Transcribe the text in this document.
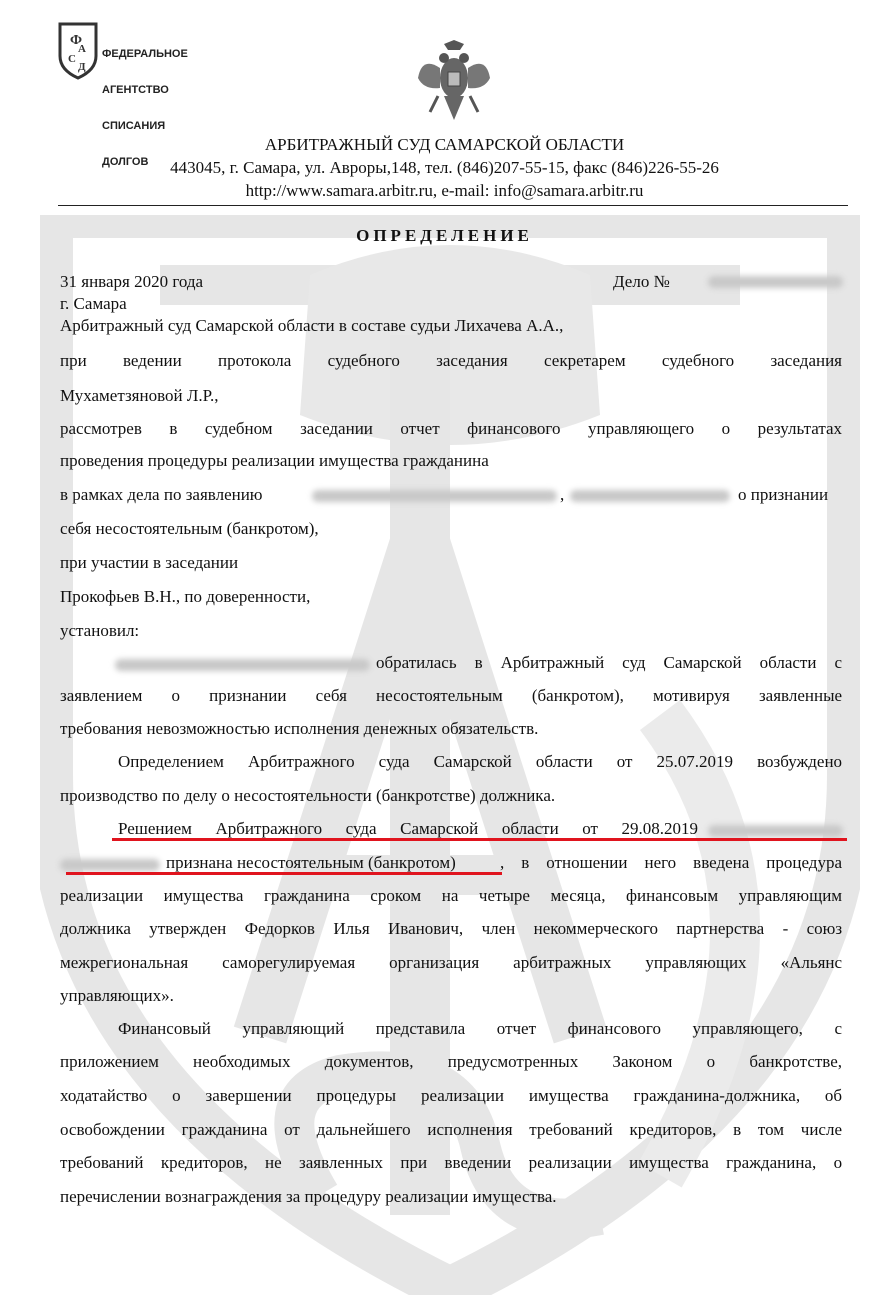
Ф
А
С
Д

ФЕДЕРАЛЬНОЕ

АГЕНТСТВО

СПИСАНИЯ

ДОЛГОВ

АРБИТРАЖНЫЙ СУД САМАРСКОЙ ОБЛАСТИ
443045, г. Самара, ул. Авроры,148, тел. (846)207-55-15, факс (846)226-55-26
http://www.samara.arbitr.ru, e-mail: info@samara.arbitr.ru
ОПРЕДЕЛЕНИЕ
31 января 2020 года	Дело №
г. Самара
Арбитражный суд Самарской области в составе судьи Лихачева А.А.,
при ведении протокола судебного заседания секретарем судебного заседания
Мухаметзяновой Л.Р.,
рассмотрев в судебном заседании отчет финансового управляющего о результатах
проведения процедуры реализации имущества гражданина
в рамках дела по заявлению	,	о признании
себя несостоятельным (банкротом),
при участии в заседании
Прокофьев В.Н., по доверенности,
установил:
обратилась в Арбитражный суд Самарской области с
заявлением о признании себя несостоятельным (банкротом), мотивируя заявленные
требования невозможностью исполнения денежных обязательств.
Определением Арбитражного суда Самарской области от 25.07.2019 возбуждено
производство по делу о несостоятельности (банкротстве) должника.
Решением Арбитражного суда Самарской области от 29.08.2019
признана несостоятельным (банкротом)	, в отношении него введена процедура
реализации имущества гражданина сроком на четыре месяца, финансовым управляющим
должника утвержден Федорков Илья Иванович, член некоммерческого партнерства - союз
межрегиональная саморегулируемая организация арбитражных управляющих «Альянс
управляющих».
Финансовый управляющий представила отчет финансового управляющего, с
приложением необходимых документов, предусмотренных Законом о банкротстве,
ходатайство о завершении процедуры реализации имущества гражданина-должника, об
освобождении гражданина от дальнейшего исполнения требований кредиторов, в том числе
требований кредиторов, не заявленных при введении реализации имущества гражданина, о
перечислении вознаграждения за процедуру реализации имущества.
